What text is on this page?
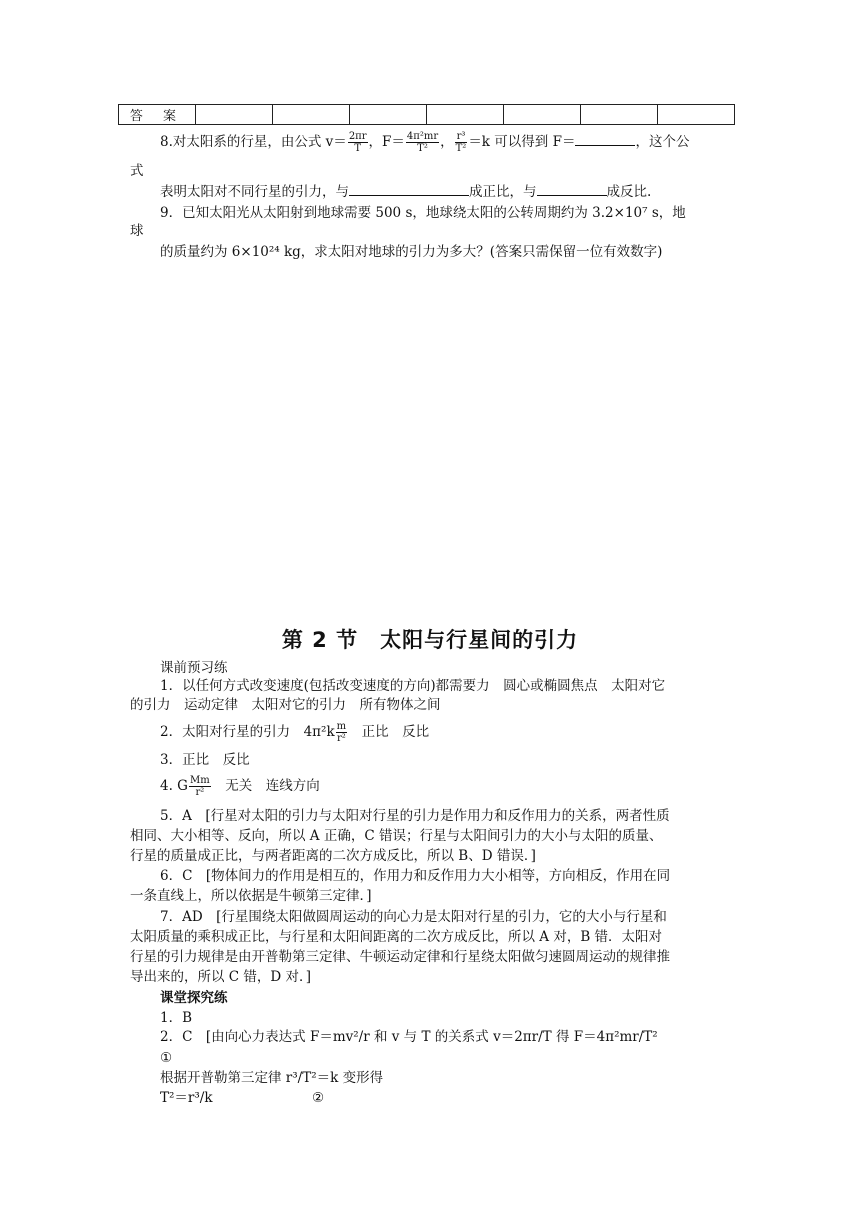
答 案							
8.对太阳系的行星，由公式 $v= \frac{2\pi r}{T}$ ，$F= \frac{\text{4π²mr}}{\text{T²}}$ ， $\frac{\text{r³}}{\text{T²}} =k$ 可以得到 F＝	，这个公
式
表明太阳对不同行星的引力，与	成正比，与	成反比.
9．已知太阳光从太阳射到地球需要 500 s，地球绕太阳的公转周期约为 3.2×10⁷ s，地
球
的质量约为 6×10²⁴ kg，求太阳对地球的引力为多大？(答案只需保留一位有效数字)
第 2 节　太阳与行星间的引力
课前预习练
1．以任何方式改变速度(包括改变速度的方向)都需要力　圆心或椭圆焦点　太阳对它
的引力　运动定律　太阳对它的引力　所有物体之间
2．太阳对行星的引力　$4\pi^2k \frac{m}{\text{r²}}$ 　正比　反比
3．正比　反比
4. G $\frac{Mm}{\text{r²}}$ 　无关　连线方向
5．A　[行星对太阳的引力与太阳对行星的引力是作用力和反作用力的关系，两者性质
相同、大小相等、反向，所以 A 正确，C 错误；行星与太阳间引力的大小与太阳的质量、
行星的质量成正比，与两者距离的二次方成反比，所以 B、D 错误．]
6．C　[物体间力的作用是相互的，作用力和反作用力大小相等，方向相反，作用在同
一条直线上，所以依据是牛顿第三定律．]
7．AD　[行星围绕太阳做圆周运动的向心力是太阳对行星的引力，它的大小与行星和
太阳质量的乘积成正比，与行星和太阳间距离的二次方成反比，所以 A 对，B 错．太阳对
行星的引力规律是由开普勒第三定律、牛顿运动定律和行星绕太阳做匀速圆周运动的规律推
导出来的，所以 C 错，D 对．]
课堂探究练
1．B
2．C　[由向心力表达式 F＝mv²/r 和 v 与 T 的关系式 v＝2πr/T 得 F＝4π²mr/T²
①
根据开普勒第三定律 r³/T²＝k 变形得
T²＝r³/k	②
